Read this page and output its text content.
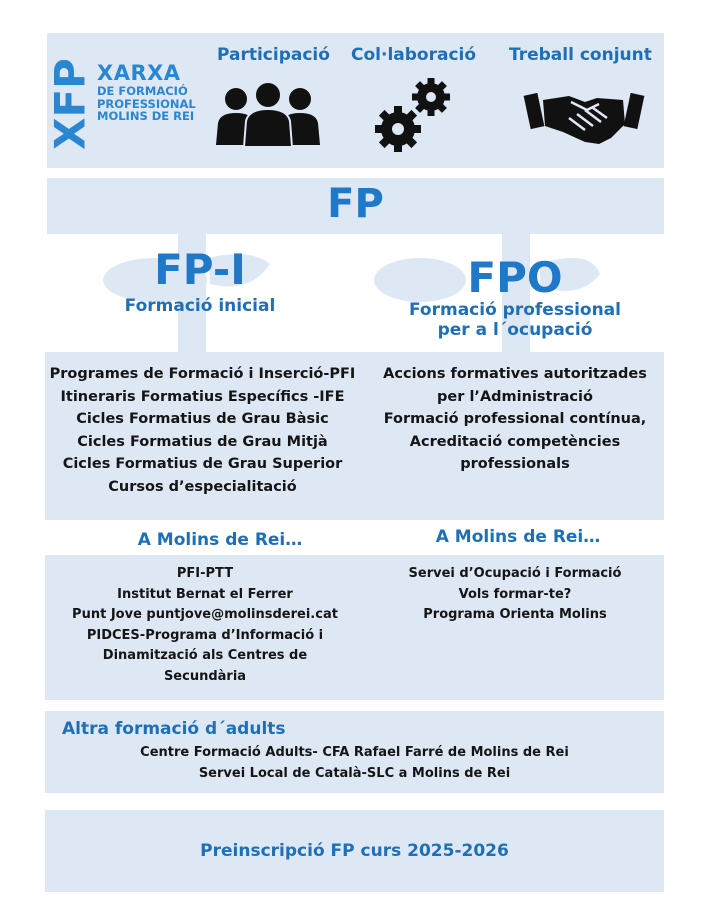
XFP XARXA
DE FORMACIÓ
PROFESSIONAL
MOLINS DE REI
Participació Col·laboració Treball conjunt
FP
FP-I
Formació inicial
FPO
Formació professional
per a l´ocupació
Programes de Formació i Inserció-PFI
Itineraris Formatius Específics -IFE
Cicles Formatius de Grau Bàsic
Cicles Formatius de Grau Mitjà
Cicles Formatius de Grau Superior
Cursos d’especialitació
Accions formatives autoritzades
per l’Administració
Formació professional contínua,
Acreditació competències
professionals
A Molins de Rei…	A Molins de Rei…
PFI-PTT
Institut Bernat el Ferrer
Punt Jove puntjove@molinsderei.cat
PIDCES-Programa d’Informació i
Dinamització als Centres de
Secundària
Servei d’Ocupació i Formació
Vols formar-te?
Programa Orienta Molins
Altra formació d´adults
Centre Formació Adults- CFA Rafael Farré de Molins de Rei
Servei Local de Català-SLC a Molins de Rei
Preinscripció FP curs 2025-2026
